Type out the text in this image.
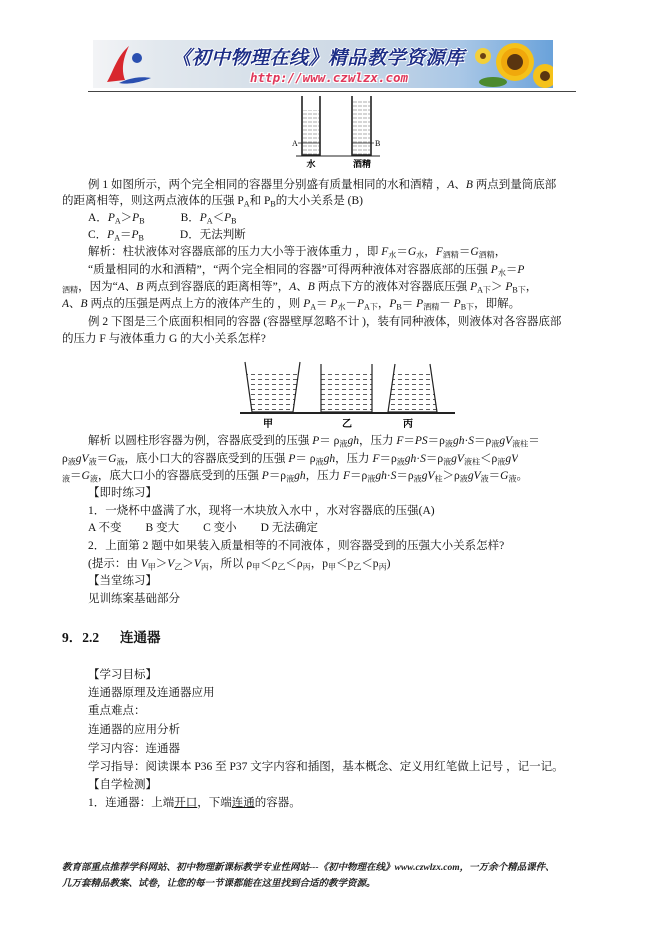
《初中物理在线》精品教学资源库
http://www.czwlzx.com
A	B
水	酒精
甲	乙	丙
例 1 如图所示，两个完全相同的容器里分别盛有质量相同的水和酒精 ，A、B 两点到量筒底部
的距离相等，则这两点液体的压强 $P_A$和 $P_B$的大小关系是 (B)
A．$P_A>P_B$	B．$P_A<P_B$
C．$P_A=P_B$	D．无法判断
解析：柱状液体对容器底部的压力大小等于液体重力 ，即 $F_水=G_水$，$F_{酒精}=G_{酒精}$，
“质量相同的水和酒精”，“两个完全相同的容器”可得两种液体对容器底部的压强 $P_水=P$
$_{酒精}$，因为“A、B 两点到容器底的距离相等”，A、B 两点下方的液体对容器底压强 $P_{A下}> P_{B下}$，
A、B 两点的压强是两点上方的液体产生的 ，则 $P_A= P_水-P_{A下}$，$P_B= P_{酒精}- P_{B下}$，即解。
例 2 下图是三个底面积相同的容器 (容器壁厚忽略不计 )，装有同种液体，则液体对各容器底部
的压力 F 与液体重力 G 的大小关系怎样?
解析 以圆柱形容器为例，容器底受到的压强 $P= \rho_液gh$，压力 $F=PS=\rho_液gh\cdot S=\rho_液gV_{液柱}=$
$\rho_液gV_液=G_液$，底小口大的容器底受到的压强 $P= \rho_液gh$，压力 $F=\rho_液gh\cdot S=\rho_液gV_{液柱}<\rho_液gV$
$_液=G_液$，底大口小的容器底受到的压强 $P=\rho_液gh$，压力 $F=\rho_液gh\cdot S=\rho_液gV_柱>\rho_液gV_液=G_液$。
【即时练习】
1．一烧杯中盛满了水，现将一木块放入水中 ，水对容器底的压强(A)
A 不变 B 变大 C 变小 D 无法确定
2．上面第 2 题中如果装入质量相等的不同液体 ，则容器受到的压强大小关系怎样?
(提示：由 $V_甲>V_乙>V_丙$，所以 $\rho_甲<\rho_乙<\rho_丙$，$p_甲<p_乙<p_丙$)
【当堂练习】
见训练案基础部分
【学习目标】
连通器原理及连通器应用
重点难点：
连通器的应用分析
学习内容：连通器
学习指导：阅读课本 P36 至 P37 文字内容和插图，基本概念、定义用红笔做上记号 ，记一记。
【自学检测】
1．连通器：上端开口，下端连通的容器。
9．2.2 连通器
教育部重点推荐学科网站、初中物理新课标教学专业性网站---《初中物理在线》www.czwlzx.com，一万余个精品课件、
几万套精品教案、试卷，让您的每一节课都能在这里找到合适的教学资源。
